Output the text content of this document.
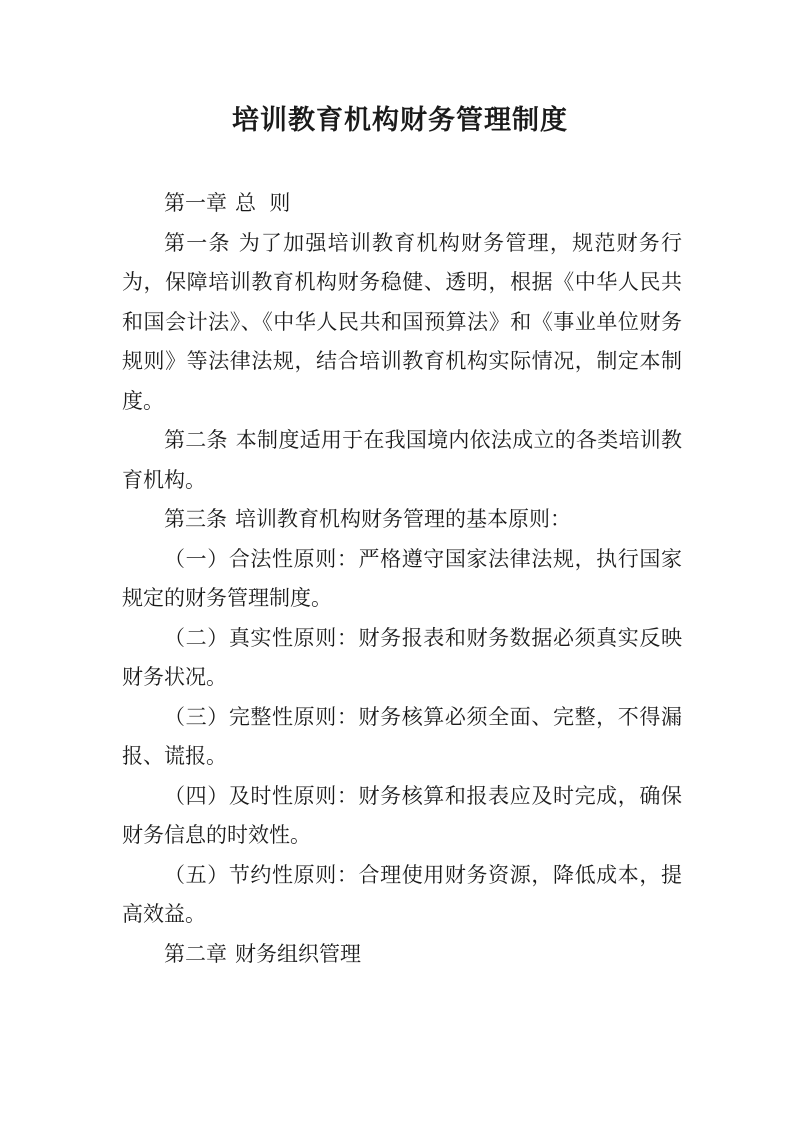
培训教育机构财务管理制度

第一章 总  则

第一条 为了加强培训教育机构财务管理，规范财务行为，保障培训教育机构财务稳健、透明，根据《中华人民共和国会计法》、《中华人民共和国预算法》和《事业单位财务规则》等法律法规，结合培训教育机构实际情况，制定本制度。

第二条 本制度适用于在我国境内依法成立的各类培训教育机构。

第三条 培训教育机构财务管理的基本原则：

（一）合法性原则：严格遵守国家法律法规，执行国家规定的财务管理制度。

（二）真实性原则：财务报表和财务数据必须真实反映财务状况。

（三）完整性原则：财务核算必须全面、完整，不得漏报、谎报。

（四）及时性原则：财务核算和报表应及时完成，确保财务信息的时效性。

（五）节约性原则：合理使用财务资源，降低成本，提高效益。

第二章 财务组织管理
